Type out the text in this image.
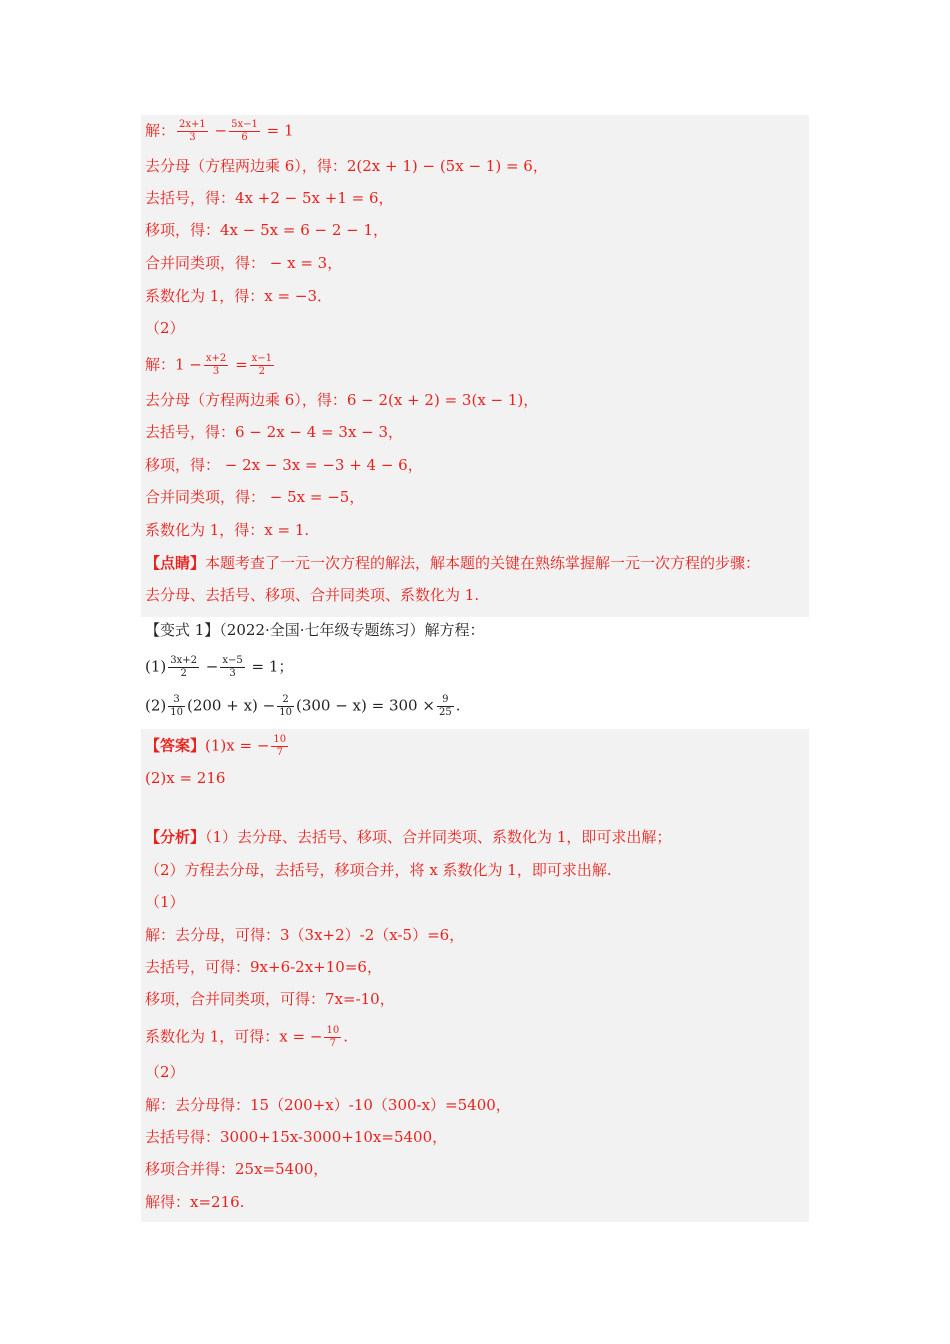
解： $\frac{2x+1}{3} - \frac{5x-1}{6} = 1$
去分母（方程两边乘 6），得：2(2x + 1) − (5x − 1) = 6，
去括号，得：4x +2 − 5x +1 = 6，
移项，得：4x − 5x = 6 − 2 − 1，
合并同类项，得： − x = 3，
系数化为 1，得：x = −3．
（2）
解：$1 - \frac{x+2}{3} = \frac{x-1}{2}$
去分母（方程两边乘 6），得：6 − 2(x + 2) = 3(x − 1)，
去括号，得：6 − 2x − 4 = 3x − 3，
移项，得： − 2x − 3x = −3 + 4 − 6，
合并同类项，得： − 5x = −5，
系数化为 1，得：x = 1.
【点睛】本题考查了一元一次方程的解法，解本题的关键在熟练掌握解一元一次方程的步骤：
去分母、去括号、移项、合并同类项、系数化为 1.
【变式 1】（2022·全国·七年级专题练习）解方程：
$(1) \frac{3x+2}{2} - \frac{x-5}{3} = 1$；
$(2) \frac{3}{10} (200 + x) - \frac{2}{10} (300 - x) = 300 \times \frac{9}{25}$ .
【答案】(1)x = − $\frac{10}{7}$
(2)x = 216
【分析】（1）去分母、去括号、移项、合并同类项、系数化为 1，即可求出解；
（2）方程去分母，去括号，移项合并，将 x 系数化为 1，即可求出解.
（1）
解：去分母，可得：3（3x+2）-2（x-5）=6，
去括号，可得：9x+6-2x+10=6，
移项，合并同类项，可得：7x=-10，
系数化为 1，可得：x = − $\frac{10}{7}$ .
（2）
解：去分母得：15（200+x）-10（300-x）=5400，
去括号得：3000+15x-3000+10x=5400，
移项合并得：25x=5400，
解得：x=216.
